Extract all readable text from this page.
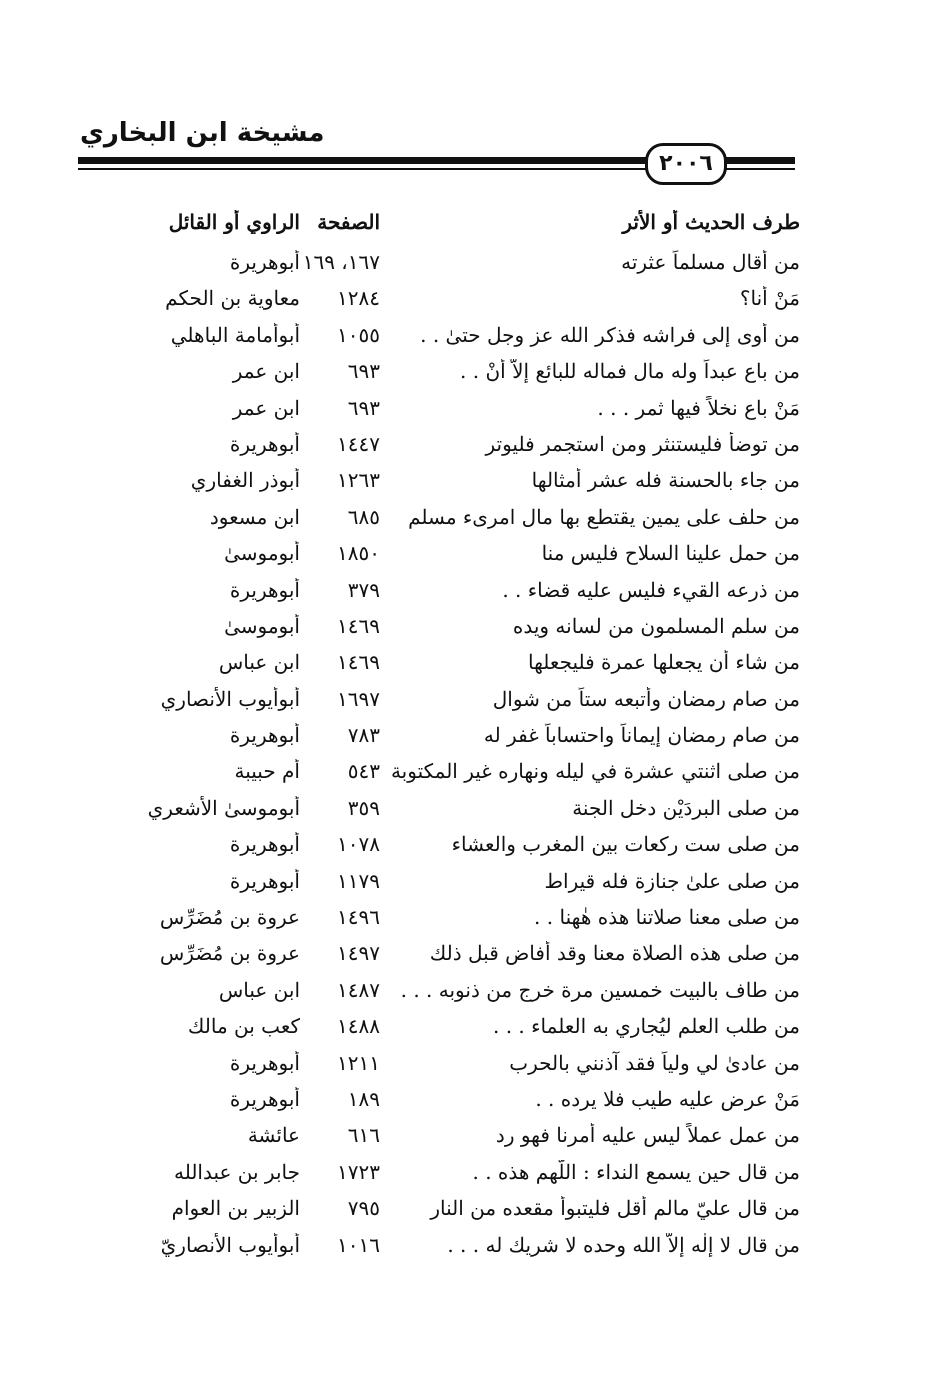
مشيخة ابن البخاري
٢٠٠٦
طرف الحديث أو الأثر
الصفحة
الراوي أو القائل
من أقال مسلماً عثرته
١٦٧، ١٦٩
أبوهريرة
مَنْ أنا؟
١٢٨٤
معاوية بن الحكم
من أوى إلى فراشه فذكر الله عز وجل حتىٰ . .
١٠٥٥
أبوأمامة الباهلي
من باع عبداً وله مال فماله للبائع إلاَّ أنْ . .
٦٩٣
ابن عمر
مَنْ باع نخلاً فيها ثمر . . .
٦٩٣
ابن عمر
من توضأ فليستنثر ومن استجمر فليوتر
١٤٤٧
أبوهريرة
من جاء بالحسنة فله عشر أمثالها
١٢٦٣
أبوذر الغفاري
من حلف على يمين يقتطع بها مال امرىء مسلم
٦٨٥
ابن مسعود
من حمل علينا السلاح فليس منا
١٨٥٠
أبوموسىٰ
من ذرعه القيء فليس عليه قضاء . .
٣٧٩
أبوهريرة
من سلم المسلمون من لسانه ويده
١٤٦٩
أبوموسىٰ
من شاء أن يجعلها عمرة فليجعلها
١٤٦٩
ابن عباس
من صام رمضان وأتبعه ستاً من شوال
١٦٩٧
أبوأيوب الأنصاري
من صام رمضان إيماناً واحتساباً غفر له
٧٨٣
أبوهريرة
من صلى اثنتي عشرة في ليله ونهاره غير المكتوبة
٥٤٣
أم حبيبة
من صلى البردَيْن دخل الجنة
٣٥٩
أبوموسىٰ الأشعري
من صلى ست ركعات بين المغرب والعشاء
١٠٧٨
أبوهريرة
من صلى علىٰ جنازة فله قيراط
١١٧٩
أبوهريرة
من صلى معنا صلاتنا هذه هٰهنا . .
١٤٩٦
عروة بن مُضَرِّس
من صلى هذه الصلاة معنا وقد أفاض قبل ذلك
١٤٩٧
عروة بن مُضَرِّس
من طاف بالبيت خمسين مرة خرج من ذنوبه . . .
١٤٨٧
ابن عباس
من طلب العلم ليُجاري به العلماء . . .
١٤٨٨
كعب بن مالك
من عادىٰ لي ولياً فقد آذنني بالحرب
١٢١١
أبوهريرة
مَنْ عرض عليه طيب فلا يرده . .
١٨٩
أبوهريرة
من عمل عملاً ليس عليه أمرنا فهو رد
٦١٦
عائشة
من قال حين يسمع النداء : اللّهم هذه . .
١٧٢٣
جابر بن عبدالله
من قال عليّ مالم أقل فليتبوأ مقعده من النار
٧٩٥
الزبير بن العوام
من قال لا إلٰه إلاّ الله وحده لا شريك له . . .
١٠١٦
أبوأيوب الأنصاريّ
